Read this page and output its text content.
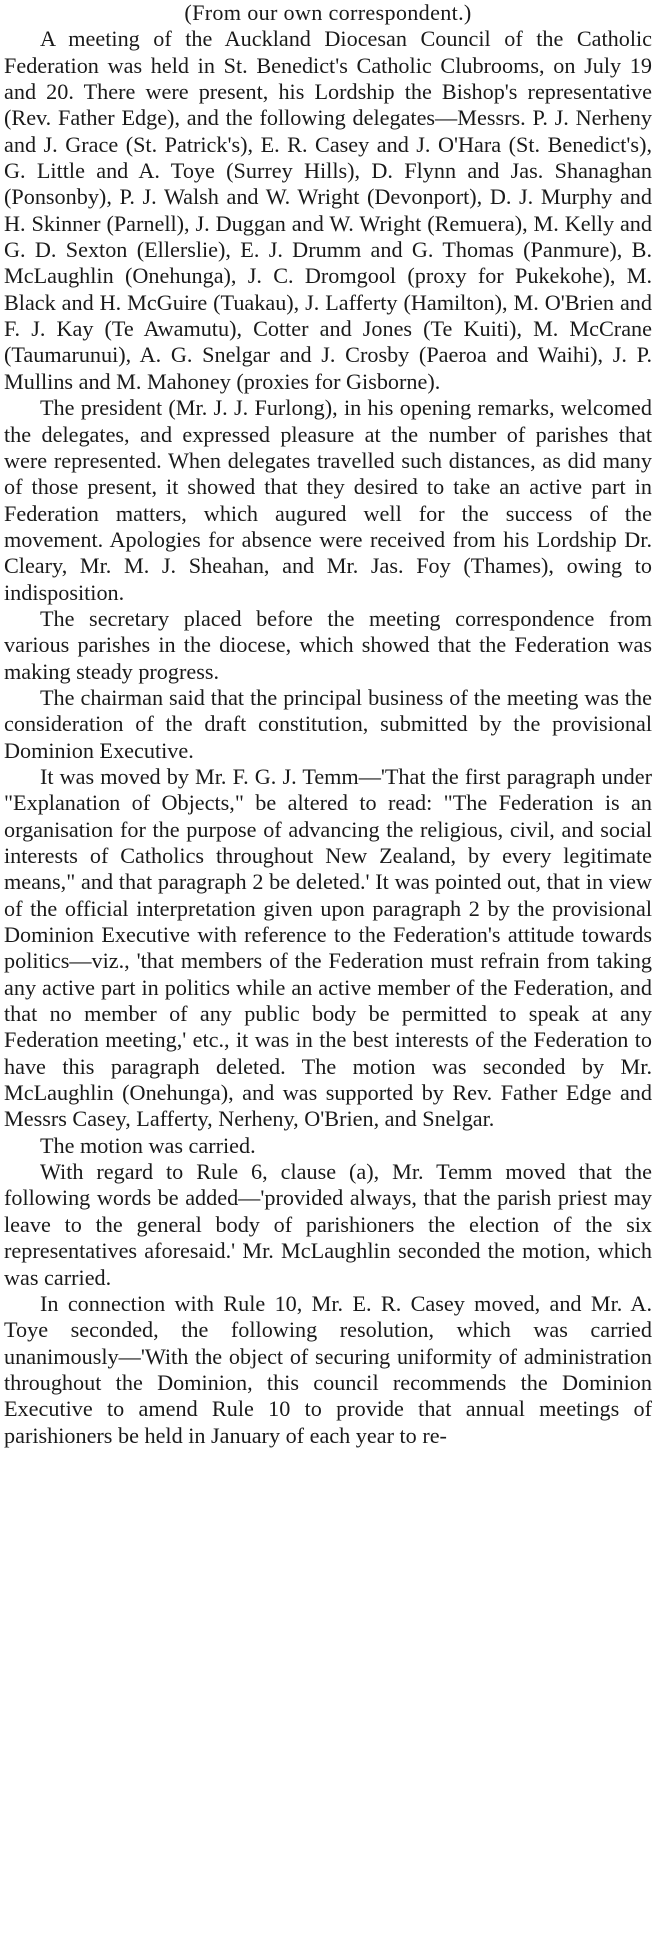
(From our own correspondent.)

A meeting of the Auckland Diocesan Council of the Catholic Federation was held in St. Benedict's Catholic Clubrooms, on July 19 and 20. There were present, his Lordship the Bishop's representative (Rev. Father Edge), and the following delegates—Messrs. P. J. Nerheny and J. Grace (St. Patrick's), E. R. Casey and J. O'Hara (St. Benedict's), G. Little and A. Toye (Surrey Hills), D. Flynn and Jas. Shanaghan (Ponsonby), P. J. Walsh and W. Wright (Devonport), D. J. Murphy and H. Skinner (Parnell), J. Duggan and W. Wright (Remuera), M. Kelly and G. D. Sexton (Ellerslie), E. J. Drumm and G. Thomas (Panmure), B. McLaughlin (Onehunga), J. C. Dromgool (proxy for Pukekohe), M. Black and H. McGuire (Tuakau), J. Lafferty (Hamilton), M. O'Brien and F. J. Kay (Te Awamutu), Cotter and Jones (Te Kuiti), M. McCrane (Taumarunui), A. G. Snelgar and J. Crosby (Paeroa and Waihi), J. P. Mullins and M. Mahoney (proxies for Gisborne).

The president (Mr. J. J. Furlong), in his opening remarks, welcomed the delegates, and expressed pleasure at the number of parishes that were represented. When delegates travelled such distances, as did many of those present, it showed that they desired to take an active part in Federation matters, which augured well for the success of the movement. Apologies for absence were received from his Lordship Dr. Cleary, Mr. M. J. Sheahan, and Mr. Jas. Foy (Thames), owing to indisposition.

The secretary placed before the meeting correspondence from various parishes in the diocese, which showed that the Federation was making steady progress.

The chairman said that the principal business of the meeting was the consideration of the draft constitution, submitted by the provisional Dominion Executive.

It was moved by Mr. F. G. J. Temm—'That the first paragraph under "Explanation of Objects," be altered to read: "The Federation is an organisation for the purpose of advancing the religious, civil, and social interests of Catholics throughout New Zealand, by every legitimate means," and that paragraph 2 be deleted.' It was pointed out, that in view of the official interpretation given upon paragraph 2 by the provisional Dominion Executive with reference to the Federation's attitude towards politics—viz., 'that members of the Federation must refrain from taking any active part in politics while an active member of the Federation, and that no member of any public body be permitted to speak at any Federation meeting,' etc., it was in the best interests of the Federation to have this paragraph deleted. The motion was seconded by Mr. McLaughlin (Onehunga), and was supported by Rev. Father Edge and Messrs Casey, Lafferty, Nerheny, O'Brien, and Snelgar.

The motion was carried.

With regard to Rule 6, clause (a), Mr. Temm moved that the following words be added—'provided always, that the parish priest may leave to the general body of parishioners the election of the six representatives aforesaid.' Mr. McLaughlin seconded the motion, which was carried.

In connection with Rule 10, Mr. E. R. Casey moved, and Mr. A. Toye seconded, the following resolution, which was carried unanimously—'With the object of securing uniformity of administration throughout the Dominion, this council recommends the Dominion Executive to amend Rule 10 to provide that annual meetings of parishioners be held in January of each year to re-
